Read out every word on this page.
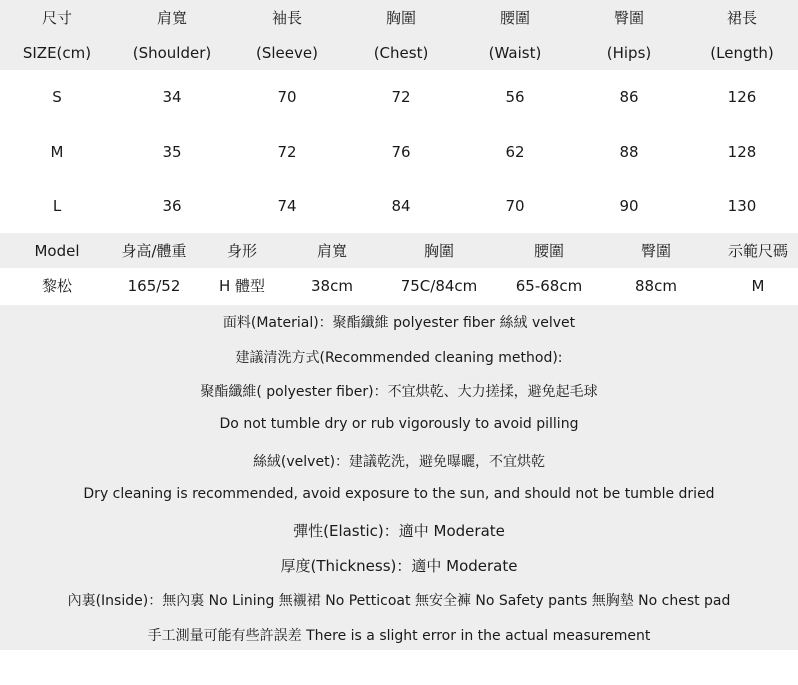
尺寸	肩寬	袖長	胸圍	腰圍	臀圍	裙長
SIZE(cm)	(Shoulder)	(Sleeve)	(Chest)	(Waist)	(Hips)	(Length)
S	34	70	72	56	86	126
M	35	72	76	62	88	128
L	36	74	84	70	90	130
Model	身高/體重	身形	肩寬	胸圍	腰圍	臀圍	示範尺碼
黎松	165/52	H 體型	38cm	75C/84cm	65-68cm	88cm	M
面料(Material)：聚酯纖維 polyester fiber 絲絨 velvet
建議清洗方式(Recommended cleaning method):
聚酯纖維( polyester fiber)：不宜烘乾、大力搓揉，避免起毛球
Do not tumble dry or rub vigorously to avoid pilling
絲絨(velvet)：建議乾洗，避免曝曬，不宜烘乾
Dry cleaning is recommended, avoid exposure to the sun, and should not be tumble dried
彈性(Elastic)：適中 Moderate
厚度(Thickness)：適中 Moderate
內裏(Inside)：無內裏 No Lining 無襯裙 No Petticoat 無安全褲 No Safety pants 無胸墊 No chest pad
手工測量可能有些許誤差 There is a slight error in the actual measurement
